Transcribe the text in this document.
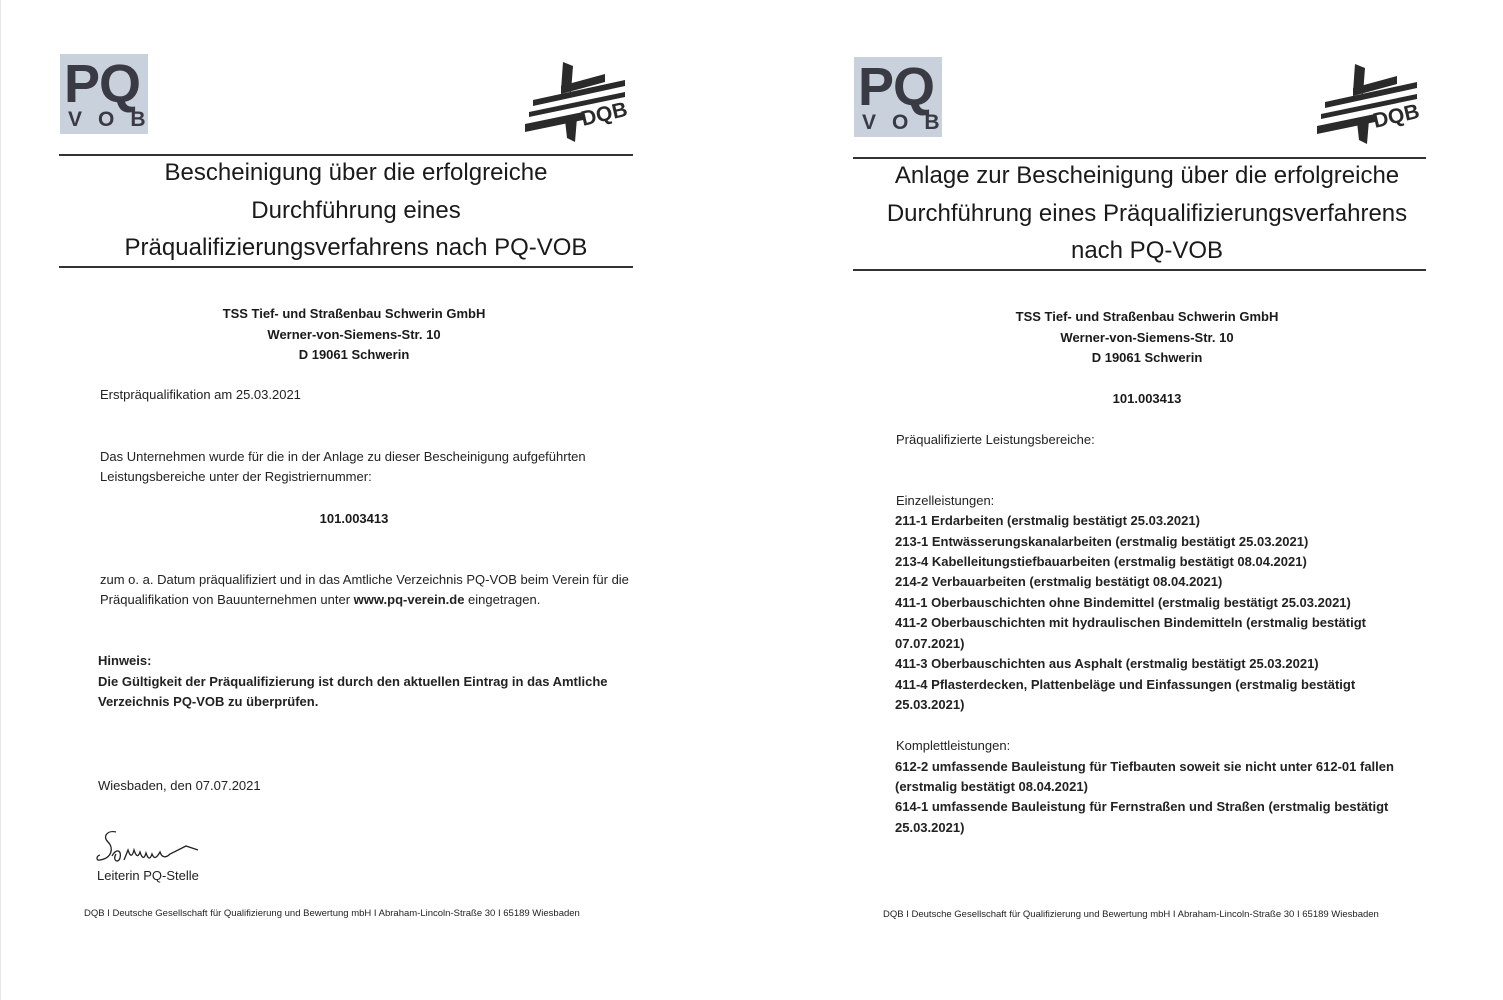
PQ
VOB	DQB
Bescheinigung über die erfolgreiche
Durchführung eines
Präqualifizierungsverfahrens nach PQ-VOB
TSS Tief- und Straßenbau Schwerin GmbH
Werner-von-Siemens-Str. 10
D 19061 Schwerin
Erstpräqualifikation am 25.03.2021
Das Unternehmen wurde für die in der Anlage zu dieser Bescheinigung aufgeführten
Leistungsbereiche unter der Registriernummer:
101.003413
zum o. a. Datum präqualifiziert und in das Amtliche Verzeichnis PQ-VOB beim Verein für die
Präqualifikation von Bauunternehmen unter www.pq-verein.de eingetragen.
Hinweis:
Die Gültigkeit der Präqualifizierung ist durch den aktuellen Eintrag in das Amtliche
Verzeichnis PQ-VOB zu überprüfen.
Wiesbaden, den 07.07.2021
Leiterin PQ-Stelle
DQB I Deutsche Gesellschaft für Qualifizierung und Bewertung mbH I Abraham-Lincoln-Straße 30 I 65189 Wiesbaden
PQ
VOB	DQB
Anlage zur Bescheinigung über die erfolgreiche
Durchführung eines Präqualifizierungsverfahrens
nach PQ-VOB
TSS Tief- und Straßenbau Schwerin GmbH
Werner-von-Siemens-Str. 10
D 19061 Schwerin
101.003413
Präqualifizierte Leistungsbereiche:
Einzelleistungen:
211-1 Erdarbeiten (erstmalig bestätigt 25.03.2021)
213-1 Entwässerungskanalarbeiten (erstmalig bestätigt 25.03.2021)
213-4 Kabelleitungstiefbauarbeiten (erstmalig bestätigt 08.04.2021)
214-2 Verbauarbeiten (erstmalig bestätigt 08.04.2021)
411-1 Oberbauschichten ohne Bindemittel (erstmalig bestätigt 25.03.2021)
411-2 Oberbauschichten mit hydraulischen Bindemitteln (erstmalig bestätigt
07.07.2021)
411-3 Oberbauschichten aus Asphalt (erstmalig bestätigt 25.03.2021)
411-4 Pflasterdecken, Plattenbeläge und Einfassungen (erstmalig bestätigt
25.03.2021)
Komplettleistungen:
612-2 umfassende Bauleistung für Tiefbauten soweit sie nicht unter 612-01 fallen
(erstmalig bestätigt 08.04.2021)
614-1 umfassende Bauleistung für Fernstraßen und Straßen (erstmalig bestätigt
25.03.2021)
DQB I Deutsche Gesellschaft für Qualifizierung und Bewertung mbH I Abraham-Lincoln-Straße 30 I 65189 Wiesbaden
